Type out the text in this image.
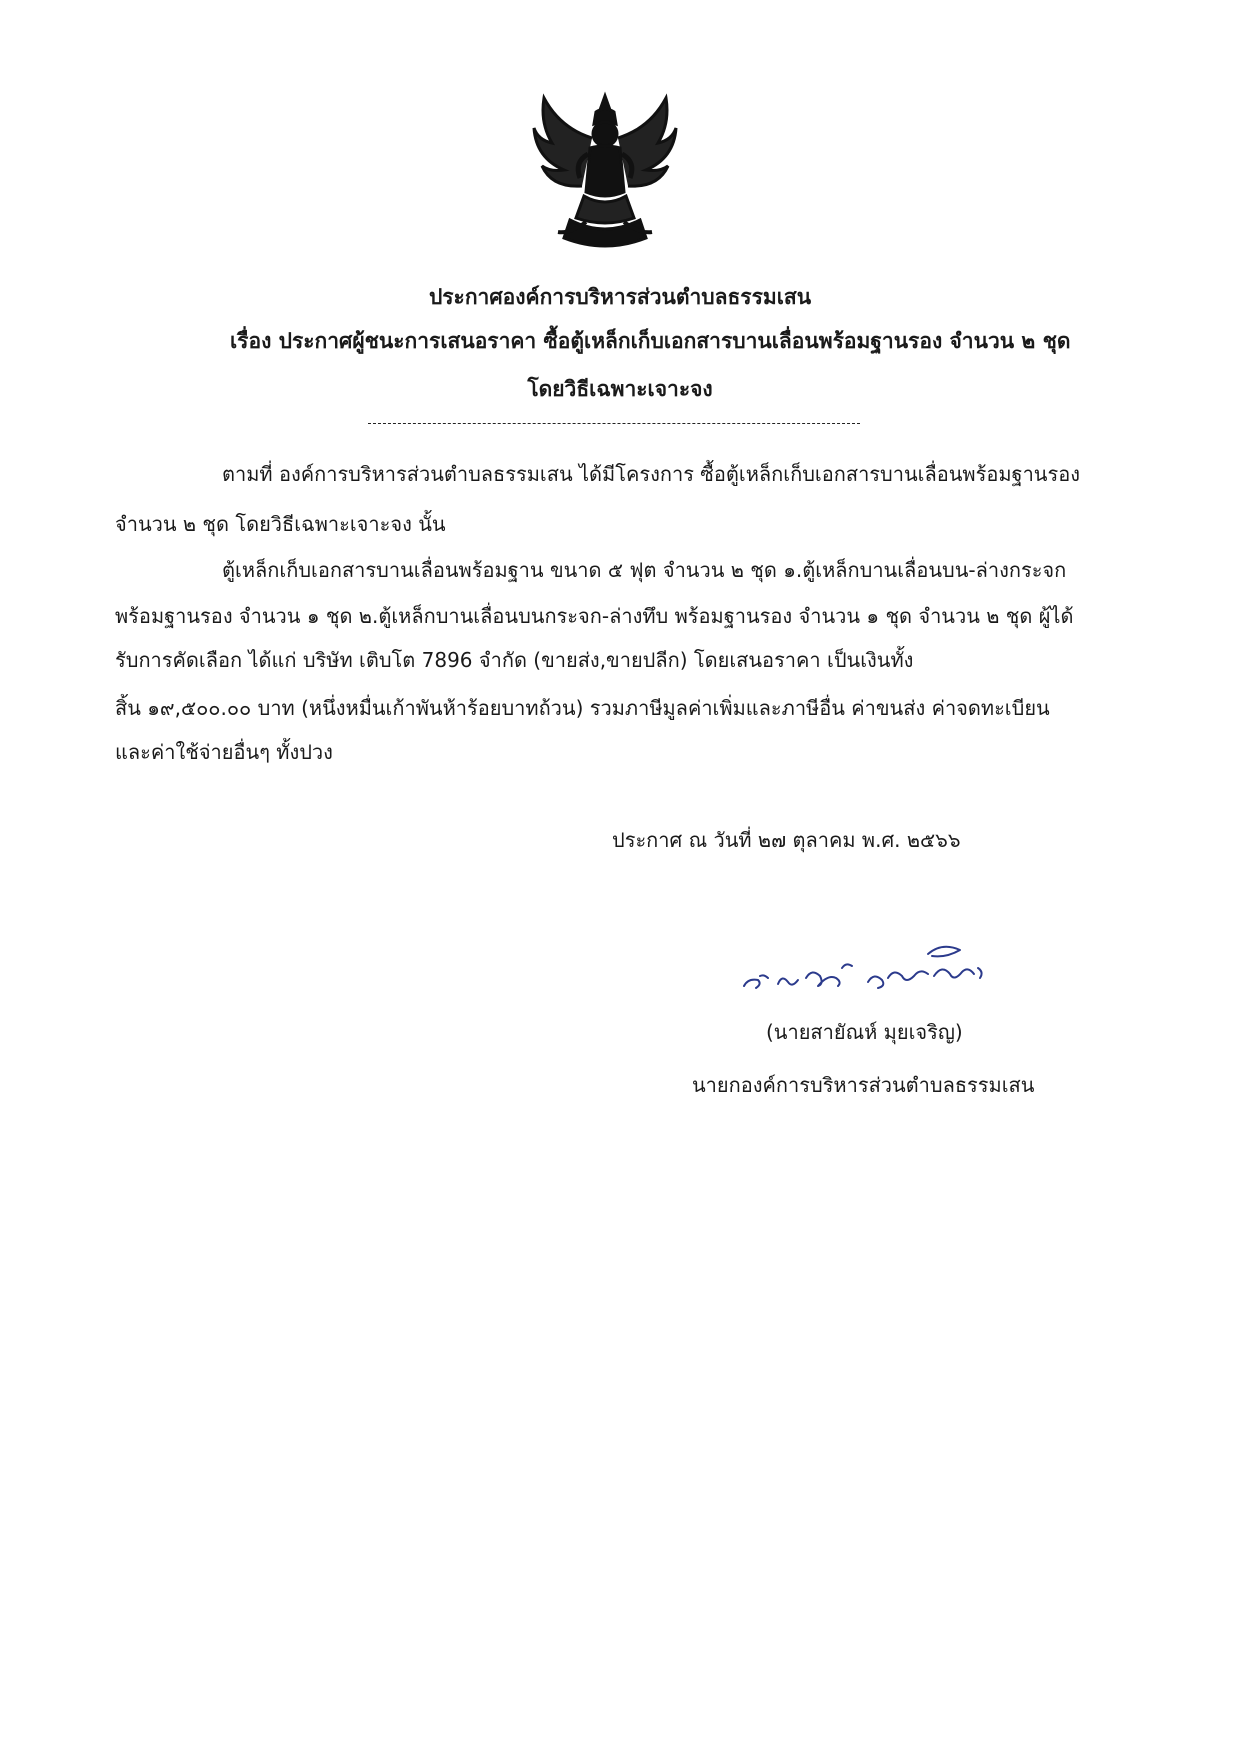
ประกาศองค์การบริหารส่วนตำบลธรรมเสน
เรื่อง ประกาศผู้ชนะการเสนอราคา ซื้อตู้เหล็กเก็บเอกสารบานเลื่อนพร้อมฐานรอง จำนวน ๒ ชุด
โดยวิธีเฉพาะเจาะจง
ตามที่ องค์การบริหารส่วนตำบลธรรมเสน ได้มีโครงการ ซื้อตู้เหล็กเก็บเอกสารบานเลื่อนพร้อมฐานรอง
จำนวน ๒ ชุด โดยวิธีเฉพาะเจาะจง นั้น
ตู้เหล็กเก็บเอกสารบานเลื่อนพร้อมฐาน ขนาด ๕ ฟุต จำนวน ๒ ชุด ๑.ตู้เหล็กบานเลื่อนบน-ล่างกระจก
พร้อมฐานรอง จำนวน ๑ ชุด ๒.ตู้เหล็กบานเลื่อนบนกระจก-ล่างทึบ พร้อมฐานรอง จำนวน ๑ ชุด จำนวน ๒ ชุด ผู้ได้
รับการคัดเลือก ได้แก่ บริษัท เติบโต 7896 จำกัด (ขายส่ง,ขายปลีก) โดยเสนอราคา เป็นเงินทั้ง
สิ้น ๑๙,๕๐๐.๐๐ บาท (หนึ่งหมื่นเก้าพันห้าร้อยบาทถ้วน) รวมภาษีมูลค่าเพิ่มและภาษีอื่น ค่าขนส่ง ค่าจดทะเบียน
และค่าใช้จ่ายอื่นๆ ทั้งปวง
ประกาศ ณ วันที่ ๒๗ ตุลาคม พ.ศ. ๒๕๖๖
(นายสายัณห์ มุยเจริญ)
นายกองค์การบริหารส่วนตำบลธรรมเสน
